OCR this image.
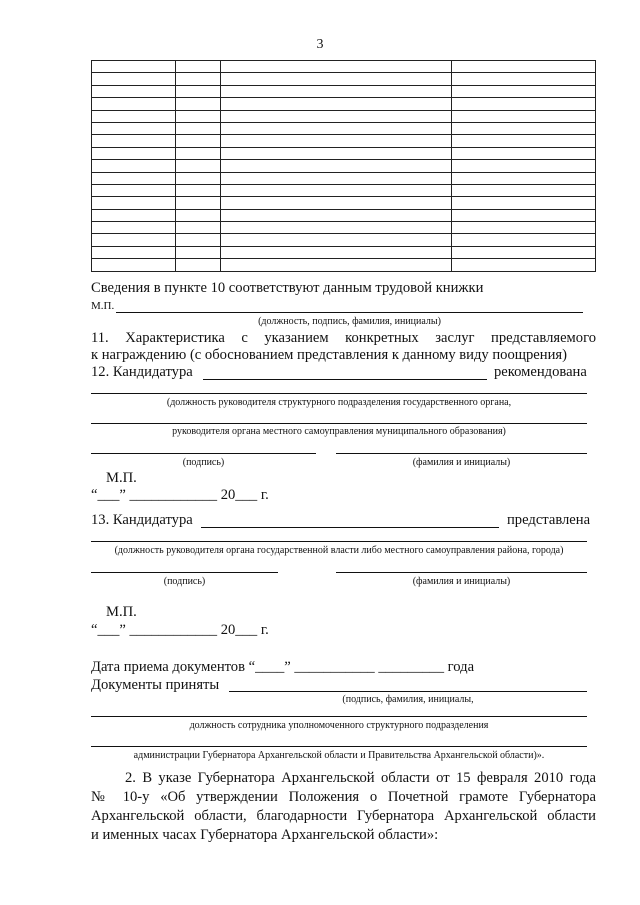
3

Сведения в пункте 10 соответствуют данным трудовой книжки
М.П.
(должность, подпись, фамилия, инициалы)
11. Характеристика с указанием конкретных заслуг представляемого
к награждению (с обоснованием представления к данному виду поощрения)
12. Кандидатура	рекомендована
(должность руководителя структурного подразделения государственного органа,
руководителя органа местного самоуправления муниципального образования)
(подпись)	(фамилия и инициалы)
М.П.
“___” ____________ 20___ г.
13. Кандидатура	представлена
(должность руководителя органа государственной власти либо местного самоуправления района, города)
(подпись)	(фамилия и инициалы)
М.П.
“___” ____________ 20___ г.
Дата приема документов “____” ___________ _________ года
Документы приняты
(подпись, фамилия, инициалы,
должность сотрудника уполномоченного структурного подразделения
администрации Губернатора Архангельской области и Правительства Архангельской области)».
2. В указе Губернатора Архангельской области от 15 февраля 2010 года
№ 10-у «Об утверждении Положения о Почетной грамоте Губернатора
Архангельской области, благодарности Губернатора Архангельской области
и именных часах Губернатора Архангельской области»:
